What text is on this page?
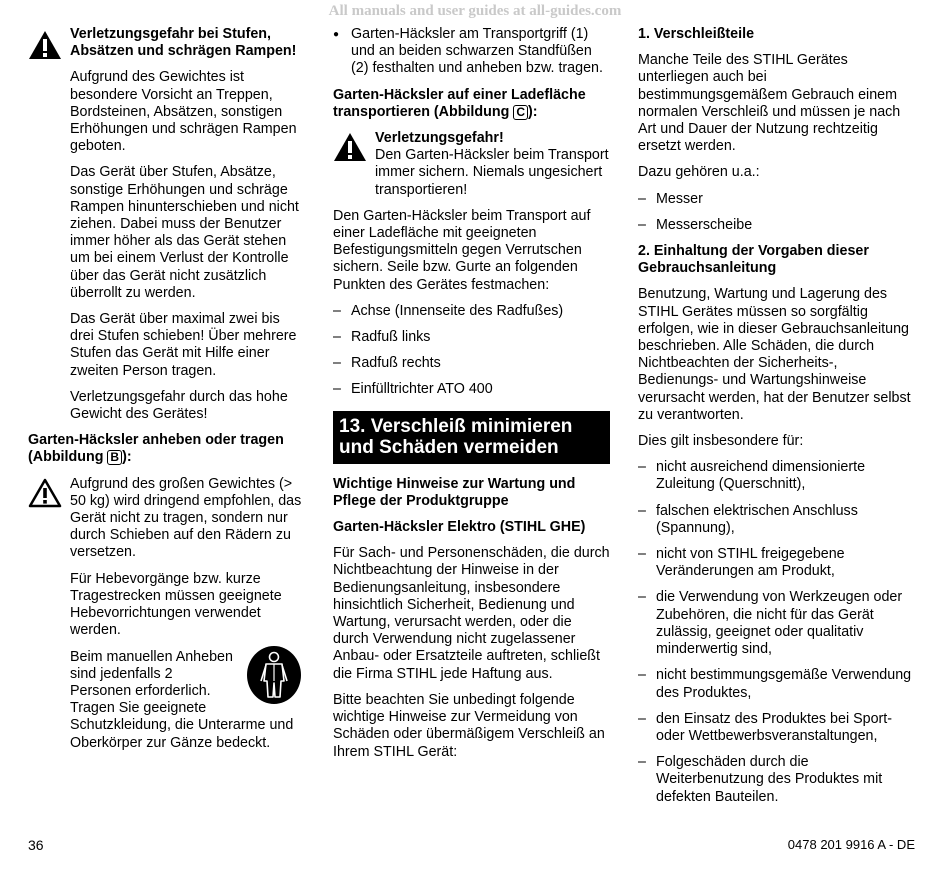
All manuals and user guides at all-guides.com

Verletzungsgefahr bei Stufen, Absätzen und schrägen Rampen!

Aufgrund des Gewichtes ist besondere Vorsicht an Treppen, Bordsteinen, Absätzen, sonstigen Erhöhungen und schrägen Rampen geboten.

Das Gerät über Stufen, Absätze, sonstige Erhöhungen und schräge Rampen hinunterschieben und nicht ziehen. Dabei muss der Benutzer immer höher als das Gerät stehen um bei einem Verlust der Kontrolle über das Gerät nicht zusätzlich überrollt zu werden.

Das Gerät über maximal zwei bis drei Stufen schieben! Über mehrere Stufen das Gerät mit Hilfe einer zweiten Person tragen.

Verletzungsgefahr durch das hohe Gewicht des Gerätes!

Garten-Häcksler anheben oder tragen (Abbildung B ):

Aufgrund des großen Gewichtes (> 50 kg) wird dringend empfohlen, das Gerät nicht zu tragen, sondern nur durch Schieben auf den Rädern zu versetzen.

Für Hebevorgänge bzw. kurze Tragestrecken müssen geeignete Hebevorrichtungen verwendet werden.

Beim manuellen Anheben sind jedenfalls 2 Personen erforderlich.

Tragen Sie geeignete Schutzkleidung, die Unterarme und Oberkörper zur Gänze bedeckt.

● Garten-Häcksler am Transportgriff (1) und an beiden schwarzen Standfüßen (2) festhalten und anheben bzw. tragen.

Garten-Häcksler auf einer Ladefläche transportieren (Abbildung C ):

Verletzungsgefahr!

Den Garten-Häcksler beim Transport immer sichern. Niemals ungesichert transportieren!

Den Garten-Häcksler beim Transport auf einer Ladefläche mit geeigneten Befestigungsmitteln gegen Verrutschen sichern. Seile bzw. Gurte an folgenden Punkten des Gerätes festmachen:

– Achse (Innenseite des Radfußes)
– Radfuß links
– Radfuß rechts
– Einfülltrichter ATO 400
13. Verschleiß minimieren und Schäden vermeiden

Wichtige Hinweise zur Wartung und Pflege der Produktgruppe

Garten-Häcksler Elektro (STIHL GHE)

Für Sach- und Personenschäden, die durch Nichtbeachtung der Hinweise in der Bedienungsanleitung, insbesondere hinsichtlich Sicherheit, Bedienung und Wartung, verursacht werden, oder die durch Verwendung nicht zugelassener Anbau- oder Ersatzteile auftreten, schließt die Firma STIHL jede Haftung aus.

Bitte beachten Sie unbedingt folgende wichtige Hinweise zur Vermeidung von Schäden oder übermäßigem Verschleiß an Ihrem STIHL Gerät:

1. Verschleißteile

Manche Teile des STIHL Gerätes unterliegen auch bei bestimmungsgemäßem Gebrauch einem normalen Verschleiß und müssen je nach Art und Dauer der Nutzung rechtzeitig ersetzt werden.

Dazu gehören u.a.:

– Messer
– Messerscheibe

2. Einhaltung der Vorgaben dieser Gebrauchsanleitung

Benutzung, Wartung und Lagerung des STIHL Gerätes müssen so sorgfältig erfolgen, wie in dieser Gebrauchsanleitung beschrieben. Alle Schäden, die durch Nichtbeachten der Sicherheits-, Bedienungs- und Wartungshinweise verursacht werden, hat der Benutzer selbst zu verantworten.

Dies gilt insbesondere für:

– nicht ausreichend dimensionierte Zuleitung (Querschnitt),
– falschen elektrischen Anschluss (Spannung),
– nicht von STIHL freigegebene Veränderungen am Produkt,
– die Verwendung von Werkzeugen oder Zubehören, die nicht für das Gerät zulässig, geeignet oder qualitativ minderwertig sind,
– nicht bestimmungsgemäße Verwendung des Produktes,
– den Einsatz des Produktes bei Sport- oder Wettbewerbsveranstaltungen,
– Folgeschäden durch die Weiterbenutzung des Produktes mit defekten Bauteilen.
36	0478 201 9916 A - DE
